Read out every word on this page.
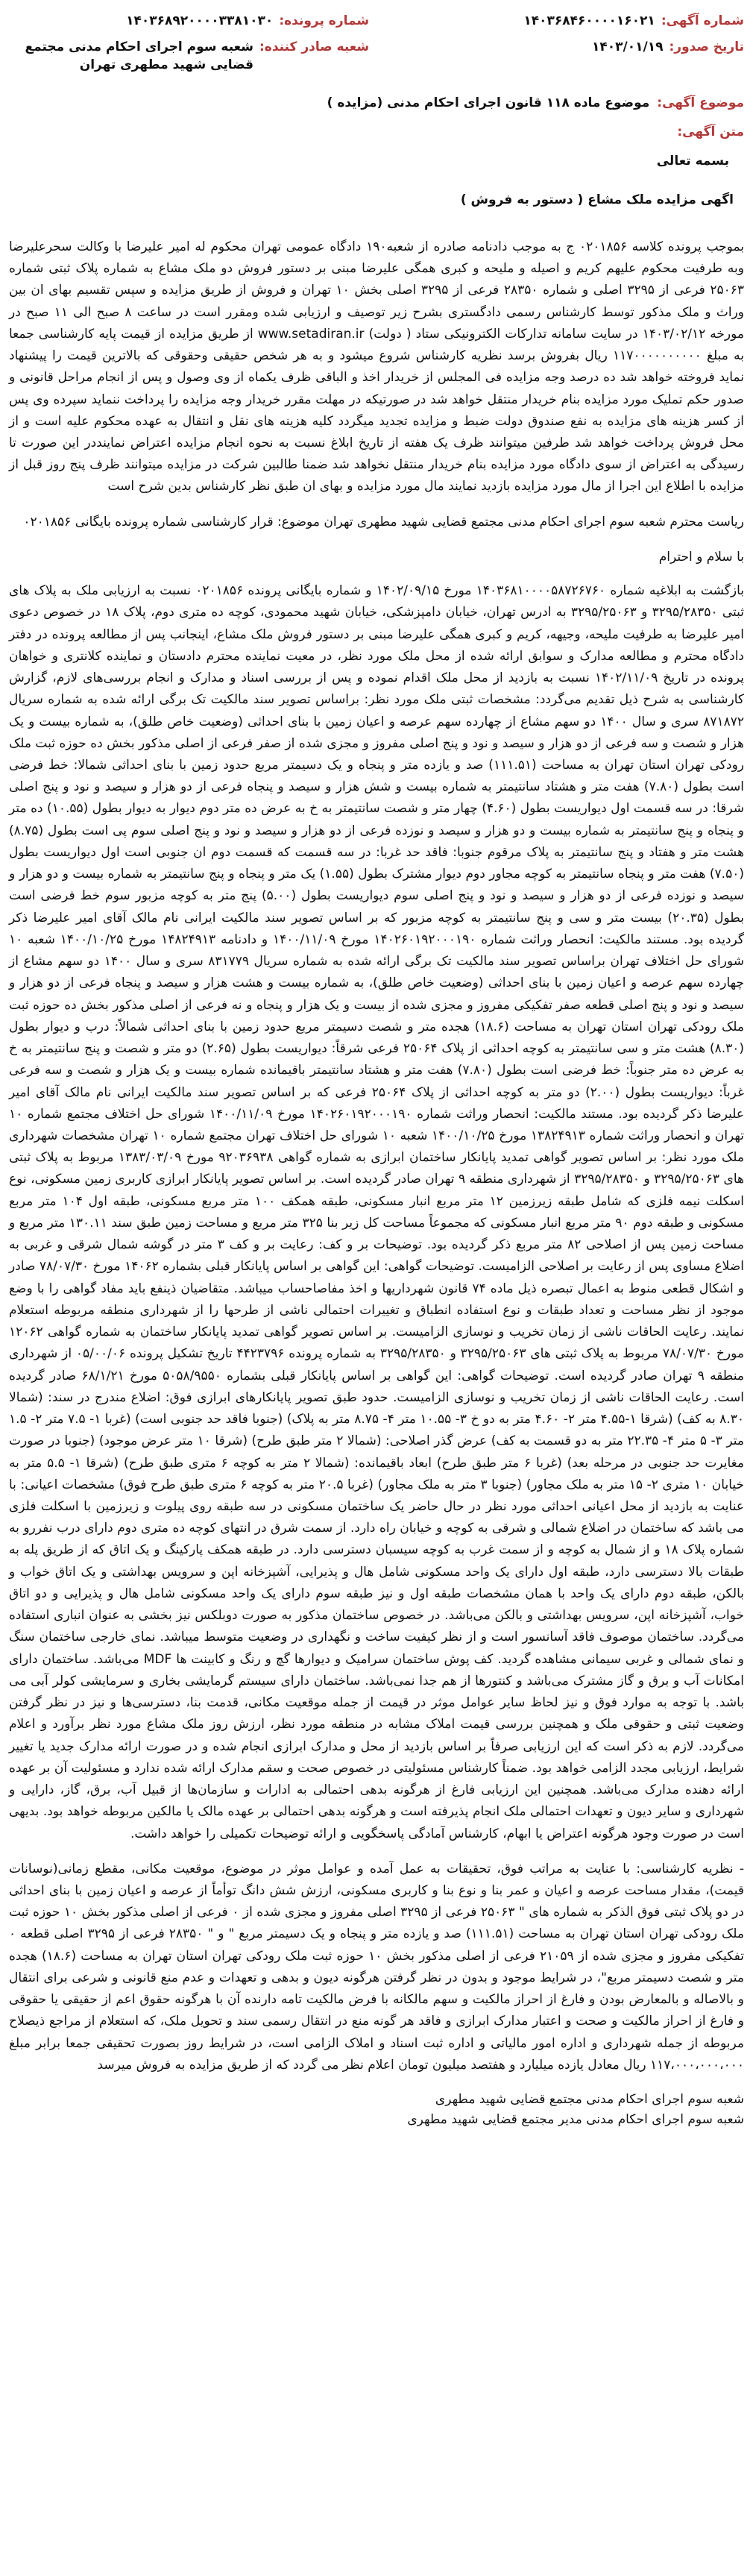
شماره آگهی:
۱۴۰۳۶۸۴۶۰۰۰۰۱۶۰۲۱
تاریخ صدور:
۱۴۰۳/۰۱/۱۹
شماره پرونده:
۱۴۰۳۶۸۹۲۰۰۰۰۳۳۸۱۰۳۰
شعبه صادر کننده:
شعبه سوم اجرای احکام مدنی مجتمع قضایی شهید مطهری تهران
موضوع آگهی:
موضوع ماده ۱۱۸ قانون اجرای احکام مدنی (مزایده )
متن آگهی:
بسمه تعالی
اگهی مزایده ملک مشاع ( دستور به فروش )

بموجب پرونده کلاسه ۰۲۰۱۸۵۶ ج به موجب دادنامه صادره از شعبه۱۹۰ دادگاه عمومی تهران محکوم له امیر علیرضا با وکالت سحرعلیرضا وبه طرفیت محکوم علیهم کریم و اصیله و ملیحه و کبری همگی علیرضا مبنی بر دستور فروش دو ملک مشاع به شماره پلاک ثبتی شماره ۲۵۰۶۳ فرعی از ۳۲۹۵ اصلی و شماره ۲۸۳۵۰ فرعی از ۳۲۹۵ اصلی بخش ۱۰ تهران و فروش از طریق مزایده و سپس تقسیم بهای ان بین وراث و ملک مذکور توسط کارشناس رسمی دادگستری بشرح زیر توصیف و ارزیابی شده ومقرر است در ساعت ۸ صبح الی ۱۱ صبح در مورخه ۱۴۰۳/۰۲/۱۲ در سایت سامانه تدارکات الکترونیکی ستاد ( دولت) www.setadiran.ir از طریق مزایده از قیمت پایه کارشناسی جمعا به مبلغ ۱۱۷۰۰۰۰۰۰۰۰۰۰ ریال بفروش برسد نظریه کارشناس شروع میشود و به هر شخص حقیقی وحقوقی که بالاترین قیمت را پیشنهاد نماید فروخته خواهد شد ده درصد وجه مزایده فی المجلس از خریدار اخذ و الباقی ظرف یکماه از وی وصول و پس از انجام مراحل قانونی و صدور حکم تملیک مورد مزایده بنام خریدار منتقل خواهد شد در صورتیکه در مهلت مقرر خریدار وجه مزایده را پرداخت ننماید سپرده وی پس از کسر هزینه های مزایده به نفع صندوق دولت ضبط و مزایده تجدید میگردد کلیه هزینه های نقل و انتقال به عهده محکوم علیه است و از محل فروش پرداخت خواهد شد طرفین میتوانند ظرف یک هفته از تاریخ ابلاغ نسبت به نحوه انجام مزایده اعتراض نماینددر این صورت تا رسیدگی به اعتراض از سوی دادگاه مورد مزایده بنام خریدار منتقل نخواهد شد ضمنا طالبین شرکت در مزایده میتوانند ظرف پنج روز قبل از مزایده با اطلاع این اجرا از مال مورد مزایده بازدید نمایند مال مورد مزایده و بهای ان طبق نظر کارشناس بدین شرح است

ریاست محترم شعبه سوم اجرای احکام مدنی مجتمع قضایی شهید مطهری تهران موضوع: قرار کارشناسی شماره پرونده بایگانی ۰۲۰۱۸۵۶

با سلام و احترام

بازگشت به ابلاغیه شماره ۱۴۰۳۶۸۱۰۰۰۰۵۸۷۲۶۷۶۰ مورخ ۱۴۰۲/۰۹/۱۵ و شماره بایگانی پرونده ۰۲۰۱۸۵۶ نسبت به ارزیابی ملک به پلاک های ثبتی ۳۲۹۵/۲۸۳۵۰ و ۳۲۹۵/۲۵۰۶۳ به ادرس تهران، خیابان دامپزشکی، خیابان شهید محمودی، کوچه ده متری دوم، پلاک ۱۸ در خصوص دعوی امیر علیرضا به طرفیت ملیحه، وجیهه، کریم و کبری همگی علیرضا مبنی بر دستور فروش ملک مشاع، اینجانب پس از مطالعه پرونده در دفتر دادگاه محترم و مطالعه مدارک و سوابق ارائه شده از محل ملک مورد نظر، در معیت نماینده محترم دادستان و نماینده کلانتری و خواهان پرونده در تاریخ ۱۴۰۲/۱۱/۰۹ نسبت به بازدید از محل ملک اقدام نموده و پس از بررسی اسناد و مدارک و انجام بررسی‌های لازم، گزارش کارشناسی به شرح ذیل تقدیم می‌گردد: مشخصات ثبتی ملک مورد نظر: براساس تصویر سند مالکیت تک برگی ارائه شده به شماره سریال ۸۷۱۸۷۲ سری و سال ۱۴۰۰ دو سهم مشاع از چهارده سهم عرصه و اعیان زمین با بنای احداثی (وضعیت خاص طلق)، به شماره بیست و یک هزار و شصت و سه فرعی از دو هزار و سیصد و نود و پنج اصلی مفروز و مجزی شده از صفر فرعی از اصلی مذکور بخش ده حوزه ثبت ملک رودکی تهران استان تهران به مساحت (۱۱۱.۵۱) صد و یازده متر و پنجاه و یک دسیمتر مربع حدود زمین با بنای احداثی شمالا: خط فرضی است بطول (۷.۸۰) هفت متر و هشتاد سانتیمتر به شماره بیست و شش هزار و سیصد و پنجاه فرعی از دو هزار و سیصد و نود و پنج اصلی شرقا: در سه قسمت اول دیواریست بطول (۴.۶۰) چهار متر و شصت سانتیمتر به خ به عرض ده متر دوم دیوار به دیوار بطول (۱۰.۵۵) ده متر و پنجاه و پنج سانتیمتر به شماره بیست و دو هزار و سیصد و نوزده فرعی از دو هزار و سیصد و نود و پنج اصلی سوم پی است بطول (۸.۷۵) هشت متر و هفتاد و پنج سانتیمتر به پلاک مرقوم جنوبا: فاقد حد غربا: در سه قسمت که قسمت دوم ان جنوبی است اول دیواریست بطول (۷.۵۰) هفت متر و پنجاه سانتیمتر به کوچه مجاور دوم دیوار مشترک بطول (۱.۵۵) یک متر و پنجاه و پنج سانتیمتر به شماره بیست و دو هزار و سیصد و نوزده فرعی از دو هزار و سیصد و نود و پنج اصلی سوم دیواریست بطول (۵.۰۰) پنج متر به کوچه مزبور سوم خط فرضی است بطول (۲۰.۳۵) بیست متر و سی و پنج سانتیمتر به کوچه مزبور که بر اساس تصویر سند مالکیت ایرانی نام مالک آقای امیر علیرضا ذکر گردیده بود. مستند مالکیت: انحصار وراثت شماره ۱۴۰۲۶۰۱۹۲۰۰۰۱۹۰ مورخ ۱۴۰۰/۱۱/۰۹ و دادنامه ۱۴۸۲۴۹۱۳ مورخ ۱۴۰۰/۱۰/۲۵ شعبه ۱۰ شورای حل اختلاف تهران براساس تصویر سند مالکیت تک برگی ارائه شده به شماره سریال ۸۳۱۷۷۹ سری و سال ۱۴۰۰ دو سهم مشاع از چهارده سهم عرصه و اعیان زمین با بنای احداثی (وضعیت خاص طلق)، به شماره بیست و هشت هزار و سیصد و پنجاه فرعی از دو هزار و سیصد و نود و پنج اصلی قطعه صفر تفکیکی مفروز و مجزی شده از بیست و یک هزار و پنجاه و نه فرعی از اصلی مذکور بخش ده حوزه ثبت ملک رودکی تهران استان تهران به مساحت (۱۸.۶) هجده متر و شصت دسیمتر مربع حدود زمین با بنای احداثی شمالاً: درب و دیوار بطول (۸.۳۰) هشت متر و سی سانتیمتر به کوچه احداثی از پلاک ۲۵۰۶۴ فرعی شرقاً: دیواریست بطول (۲.۶۵) دو متر و شصت و پنج سانتیمتر به خ به عرض ده متر جنوباً: خط فرضی است بطول (۷.۸۰) هفت متر و هشتاد سانتیمتر باقیمانده شماره بیست و یک هزار و شصت و سه فرعی غرباً: دیواریست بطول (۲.۰۰) دو متر به کوچه احداثی از پلاک ۲۵۰۶۴ فرعی که بر اساس تصویر سند مالکیت ایرانی نام مالک آقای امیر علیرضا ذکر گردیده بود. مستند مالکیت: انحصار وراثت شماره ۱۴۰۲۶۰۱۹۲۰۰۰۱۹۰ مورخ ۱۴۰۰/۱۱/۰۹ شورای حل اختلاف مجتمع شماره ۱۰ تهران و انحصار وراثت شماره ۱۳۸۲۴۹۱۳ مورخ ۱۴۰۰/۱۰/۲۵ شعبه ۱۰ شورای حل اختلاف تهران مجتمع شماره ۱۰ تهران مشخصات شهرداری ملک مورد نظر: بر اساس تصویر گواهی تمدید پایانکار ساختمان ابرازی به شماره گواهی ۹۲۰۳۶۹۳۸ مورخ ۱۳۸۳/۰۳/۰۹ مربوط به پلاک ثبتی های ۳۲۹۵/۲۵۰۶۳ و ۳۲۹۵/۲۸۳۵۰ از شهرداری منطقه ۹ تهران صادر گردیده است. بر اساس تصویر پایانکار ابرازی کاربری زمین مسکونی، نوع اسکلت نیمه فلزی که شامل طبقه زیرزمین ۱۲ متر مربع انبار مسکونی، طبقه همکف ۱۰۰ متر مربع مسکونی، طبقه اول ۱۰۴ متر مربع مسکونی و طبقه دوم ۹۰ متر مربع انبار مسکونی که مجموعاً مساحت کل زیر بنا ۳۲۵ متر مربع و مساحت زمین طبق سند ۱۳۰.۱۱ متر مربع و مساحت زمین پس از اصلاحی ۸۲ متر مربع ذکر گردیده بود. توضیحات بر و کف: رعایت بر و کف ۳ متر در گوشه شمال شرقی و غربی به اضلاع مساوی پس از رعایت بر اصلاحی الزامیست. توضیحات گواهی: این گواهی بر اساس پایانکار قبلی بشماره ۱۴۰۶۲ مورخ ۷۸/۰۷/۳۰ صادر و اشکال قطعی منوط به اعمال تبصره ذیل ماده ۷۴ قانون شهرداریها و اخذ مفاصاحساب میباشد. متقاضیان ذینفع باید مفاد گواهی را با وضع موجود از نظر مساحت و تعداد طبقات و نوع استفاده انطباق و تغییرات احتمالی ناشی از طرحها را از شهرداری منطقه مربوطه استعلام نمایند. رعایت الحاقات ناشی از زمان تخریب و نوسازی الزامیست. بر اساس تصویر گواهی تمدید پایانکار ساختمان به شماره گواهی ۱۲۰۶۲ مورخ ۷۸/۰۷/۳۰ مربوط به پلاک ثبتی های ۳۲۹۵/۲۵۰۶۳ و ۳۲۹۵/۲۸۳۵۰ به شماره پرونده ۴۴۲۳۷۹۶ تاریخ تشکیل پرونده ۰۵/۰۰/۰۶ از شهرداری منطقه ۹ تهران صادر گردیده است. توضیحات گواهی: این گواهی بر اساس پایانکار قبلی بشماره ۵۰۵۸/۹۵۵۰ مورخ ۶۸/۱/۲۱ صادر گردیده است. رعایت الحاقات ناشی از زمان تخریب و نوسازی الزامیست. حدود طبق تصویر پایانکارهای ابرازی فوق: اضلاع مندرج در سند: (شمالا ۸.۳۰ به کف) (شرقا ۱-۴.۵۵ متر ۲- ۴.۶۰ متر به دو خ ۳- ۱۰.۵۵ متر ۴- ۸.۷۵ متر به پلاک) (جنوبا فاقد حد جنوبی است) (غربا ۱- ۷.۵ متر ۲- ۱.۵ متر ۳- ۵ متر ۴- ۲۲.۳۵ متر به دو قسمت به کف) عرض گذر اصلاحی: (شمالا ۲ متر طبق طرح) (شرقا ۱۰ متر عرض موجود) (جنوبا در صورت مغایرت حد جنوبی در مرحله بعد) (غربا ۶ متر طبق طرح) ابعاد باقیمانده: (شمالا ۲ متر به کوچه ۶ متری طبق طرح) (شرقا ۱- ۵.۵ متر به خیابان ۱۰ متری ۲- ۱۵ متر به ملک مجاور) (جنوبا ۳ متر به ملک مجاور) (غربا ۲۰.۵ متر به کوچه ۶ متری طبق طرح فوق) مشخصات اعیانی: با عنایت به بازدید از محل اعیانی احداثی مورد نظر در حال حاضر یک ساختمان مسکونی در سه طبقه روی پیلوت و زیرزمین با اسکلت فلزی می باشد که ساختمان در اضلاع شمالی و شرقی به کوچه و خیابان راه دارد. از سمت شرق در انتهای کوچه ده متری دوم دارای درب نفررو به شماره پلاک ۱۸ و از شمال به کوچه و از سمت غرب به کوچه سیسبان دسترسی دارد. در طبقه همکف پارکینگ و یک اتاق که از طریق پله به طبقات بالا دسترسی دارد، طبقه اول دارای یک واحد مسکونی شامل هال و پذیرایی، آشپزخانه اپن و سرویس بهداشتی و یک اتاق خواب و بالکن، طبقه دوم دارای یک واحد با همان مشخصات طبقه اول و نیز طبقه سوم دارای یک واحد مسکونی شامل هال و پذیرایی و دو اتاق خواب، آشپزخانه اپن، سرویس بهداشتی و بالکن می‌باشد. در خصوص ساختمان مذکور به صورت دوبلکس نیز بخشی به عنوان انباری استفاده می‌گردد. ساختمان موصوف فاقد آسانسور است و از نظر کیفیت ساخت و نگهداری در وضعیت متوسط میباشد. نمای خارجی ساختمان سنگ و نمای شمالی و غربی سیمانی مشاهده گردید. کف پوش ساختمان سرامیک و دیوارها گچ و رنگ و کابینت ها MDF می‌باشد. ساختمان دارای امکانات آب و برق و گاز مشترک می‌باشد و کنتورها از هم جدا نمی‌باشد. ساختمان دارای سیستم گرمایشی بخاری و سرمایشی کولر آبی می باشد. با توجه به موارد فوق و نیز لحاظ سایر عوامل موثر در قیمت از جمله موقعیت مکانی، قدمت بنا، دسترسی‌ها و نیز در نظر گرفتن وضعیت ثبتی و حقوقی ملک و همچنین بررسی قیمت املاک مشابه در منطقه مورد نظر، ارزش روز ملک مشاع مورد نظر برآورد و اعلام می‌گردد. لازم به ذکر است که این ارزیابی صرفاً بر اساس بازدید از محل و مدارک ابرازی انجام شده و در صورت ارائه مدارک جدید یا تغییر شرایط، ارزیابی مجدد الزامی خواهد بود. ضمناً کارشناس مسئولیتی در خصوص صحت و سقم مدارک ارائه شده ندارد و مسئولیت آن بر عهده ارائه دهنده مدارک می‌باشد. همچنین این ارزیابی فارغ از هرگونه بدهی احتمالی به ادارات و سازمان‌ها از قبیل آب، برق، گاز، دارایی و شهرداری و سایر دیون و تعهدات احتمالی ملک انجام پذیرفته است و هرگونه بدهی احتمالی بر عهده مالک یا مالکین مربوطه خواهد بود. بدیهی است در صورت وجود هرگونه اعتراض یا ابهام، کارشناس آمادگی پاسخگویی و ارائه توضیحات تکمیلی را خواهد داشت.

- نظریه کارشناسی: با عنایت به مراتب فوق، تحقیقات به عمل آمده و عوامل موثر در موضوع، موقعیت مکانی، مقطع زمانی(نوسانات قیمت)، مقدار مساحت عرصه و اعیان و عمر بنا و نوع بنا و کاربری مسکونی، ارزش شش دانگ توأماً از عرصه و اعیان زمین با بنای احداثی در دو پلاک ثبتی فوق الذکر به شماره های " ۲۵۰۶۳ فرعی از ۳۲۹۵ اصلی مفروز و مجزی شده از ۰ فرعی از اصلی مذکور بخش ۱۰ حوزه ثبت ملک رودکی تهران استان تهران به مساحت (۱۱۱.۵۱) صد و یازده متر و پنجاه و یک دسیمتر مربع " و " ۲۸۳۵۰ فرعی از ۳۲۹۵ اصلی قطعه ۰ تفکیکی مفروز و مجزی شده از ۲۱۰۵۹ فرعی از اصلی مذکور بخش ۱۰ حوزه ثبت ملک رودکی تهران استان تهران به مساحت (۱۸.۶) هجده متر و شصت دسیمتر مربع"، در شرایط موجود و بدون در نظر گرفتن هرگونه دیون و بدهی و تعهدات و عدم منع قانونی و شرعی برای انتقال و بالاصاله و بالمعارض بودن و فارغ از احراز مالکیت و سهم مالکانه با فرض مالکیت تامه دارنده آن با هرگونه حقوق اعم از حقیقی یا حقوقی و فارغ از احراز مالکیت و صحت و اعتبار مدارک ابرازی و فاقد هر گونه منع در انتقال رسمی سند و تحویل ملک، که استعلام از مراجع ذیصلاح مربوطه از جمله شهرداری و اداره امور مالیاتی و اداره ثبت اسناد و املاک الزامی است، در شرایط روز بصورت تحقیقی جمعا برابر مبلغ ۱۱۷،۰۰۰،۰۰۰،۰۰۰ ریال معادل یازده میلیارد و هفتصد میلیون تومان اعلام نظر می گردد که از طریق مزایده به فروش میرسد

شعبه سوم اجرای احکام مدنی مجتمع قضایی شهید مطهری
شعبه سوم اجرای احکام مدنی مدیر مجتمع قضایی شهید مطهری
